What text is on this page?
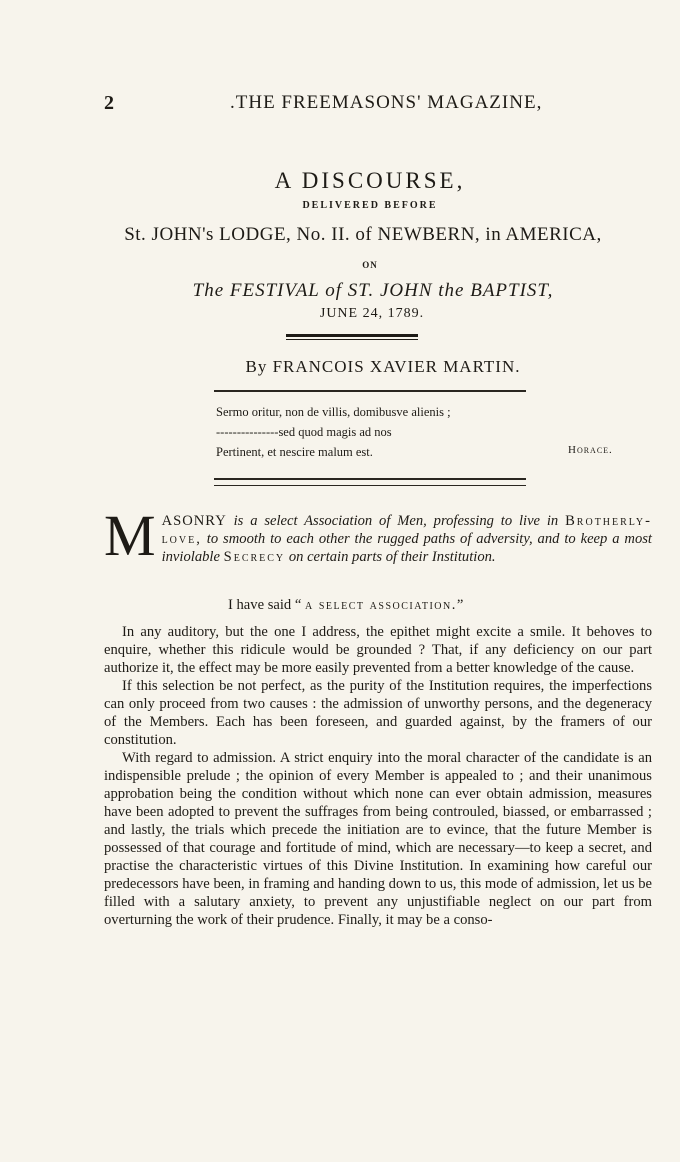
2	.THE FREEMASONS' MAGAZINE,
A DISCOURSE,
DELIVERED BEFORE
St. JOHN's LODGE, No. II. of NEWBERN, in AMERICA,
ON
The FESTIVAL of ST. JOHN the BAPTIST,
JUNE 24, 1789.
By FRANCOIS XAVIER MARTIN.
Sermo oritur, non de villis, domibusve alienis ;
---------------sed quod magis ad nos
Pertinent, et nescire malum est.	Horace.
MASONRY is a select Association of Men, professing to live in Brotherly-love, to smooth to each other the rugged paths of adversity, and to keep a most inviolable Secrecy on certain parts of their Institution.
I have said “ a select association.”

In any auditory, but the one I address, the epithet might excite a smile. It behoves to enquire, whether this ridicule would be grounded ? That, if any deficiency on our part authorize it, the effect may be more easily prevented from a better knowledge of the cause.

If this selection be not perfect, as the purity of the Institution requires, the imperfections can only proceed from two causes : the admission of unworthy persons, and the degeneracy of the Members. Each has been foreseen, and guarded against, by the framers of our constitution.

With regard to admission. A strict enquiry into the moral character of the candidate is an indispensible prelude ; the opinion of every Member is appealed to ; and their unanimous approbation being the condition without which none can ever obtain admission, measures have been adopted to prevent the suffrages from being controuled, biassed, or embarrassed ; and lastly, the trials which precede the initiation are to evince, that the future Member is possessed of that courage and fortitude of mind, which are necessary—to keep a secret, and practise the characteristic virtues of this Divine Institution. In examining how careful our predecessors have been, in framing and handing down to us, this mode of admission, let us be filled with a salutary anxiety, to prevent any unjustifiable neglect on our part from overturning the work of their prudence. Finally, it may be a conso-
